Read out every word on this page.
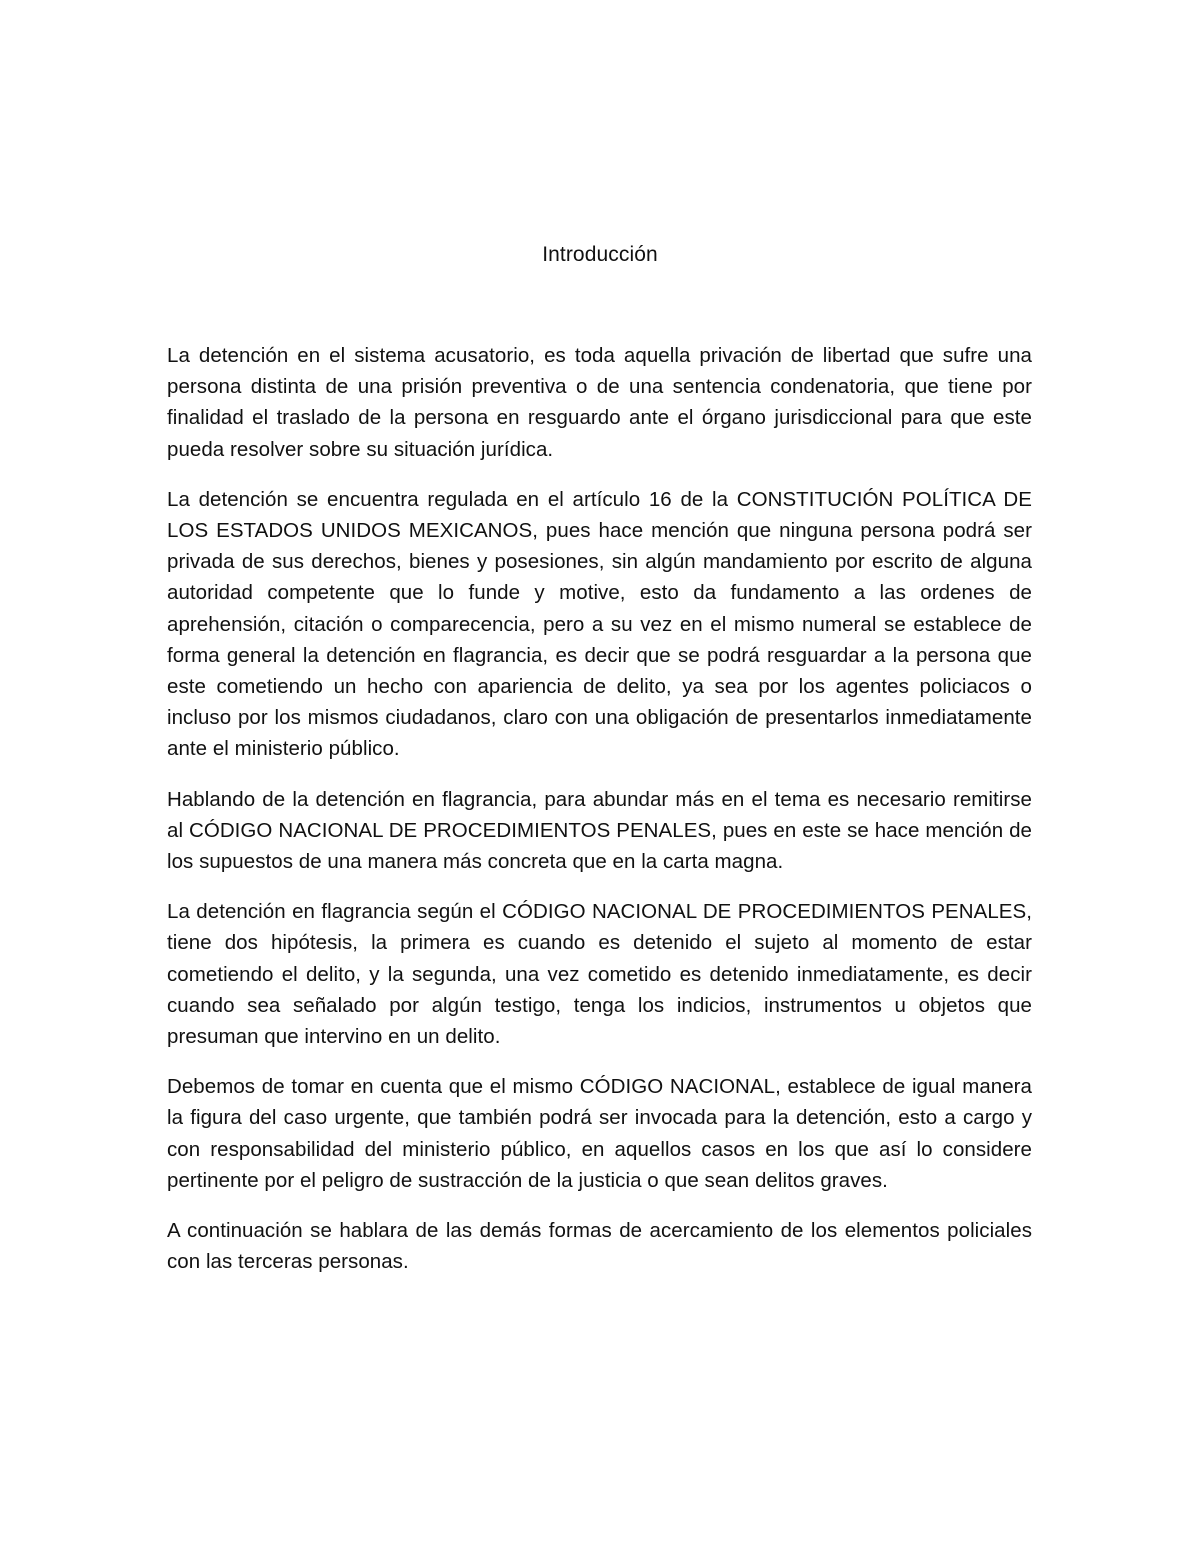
Introducción

La detención en el sistema acusatorio, es toda aquella privación de libertad que sufre una persona distinta de una prisión preventiva o de una sentencia condenatoria, que tiene por finalidad el traslado de la persona en resguardo ante el órgano jurisdiccional para que este pueda resolver sobre su situación jurídica.

La detención se encuentra regulada en el artículo 16 de la CONSTITUCIÓN POLÍTICA DE LOS ESTADOS UNIDOS MEXICANOS, pues hace mención que ninguna persona podrá ser privada de sus derechos, bienes y posesiones, sin algún mandamiento por escrito de alguna autoridad competente que lo funde y motive, esto da fundamento a las ordenes de aprehensión, citación o comparecencia, pero a su vez en el mismo numeral se establece de forma general la detención en flagrancia, es decir que se podrá resguardar a la persona que este cometiendo un hecho con apariencia de delito, ya sea por los agentes policiacos o incluso por los mismos ciudadanos, claro con una obligación de presentarlos inmediatamente ante el ministerio público.

Hablando de la detención en flagrancia, para abundar más en el tema es necesario remitirse al CÓDIGO NACIONAL DE PROCEDIMIENTOS PENALES, pues en este se hace mención de los supuestos de una manera más concreta que en la carta magna.

La detención en flagrancia según el CÓDIGO NACIONAL DE PROCEDIMIENTOS PENALES, tiene dos hipótesis, la primera es cuando es detenido el sujeto al momento de estar cometiendo el delito, y la segunda, una vez cometido es detenido inmediatamente, es decir cuando sea señalado por algún testigo, tenga los indicios, instrumentos u objetos que presuman que intervino en un delito.

Debemos de tomar en cuenta que el mismo CÓDIGO NACIONAL, establece de igual manera la figura del caso urgente, que también podrá ser invocada para la detención, esto a cargo y con responsabilidad del ministerio público, en aquellos casos en los que así lo considere pertinente por el peligro de sustracción de la justicia o que sean delitos graves.

A continuación se hablara de las demás formas de acercamiento de los elementos policiales con las terceras personas.
